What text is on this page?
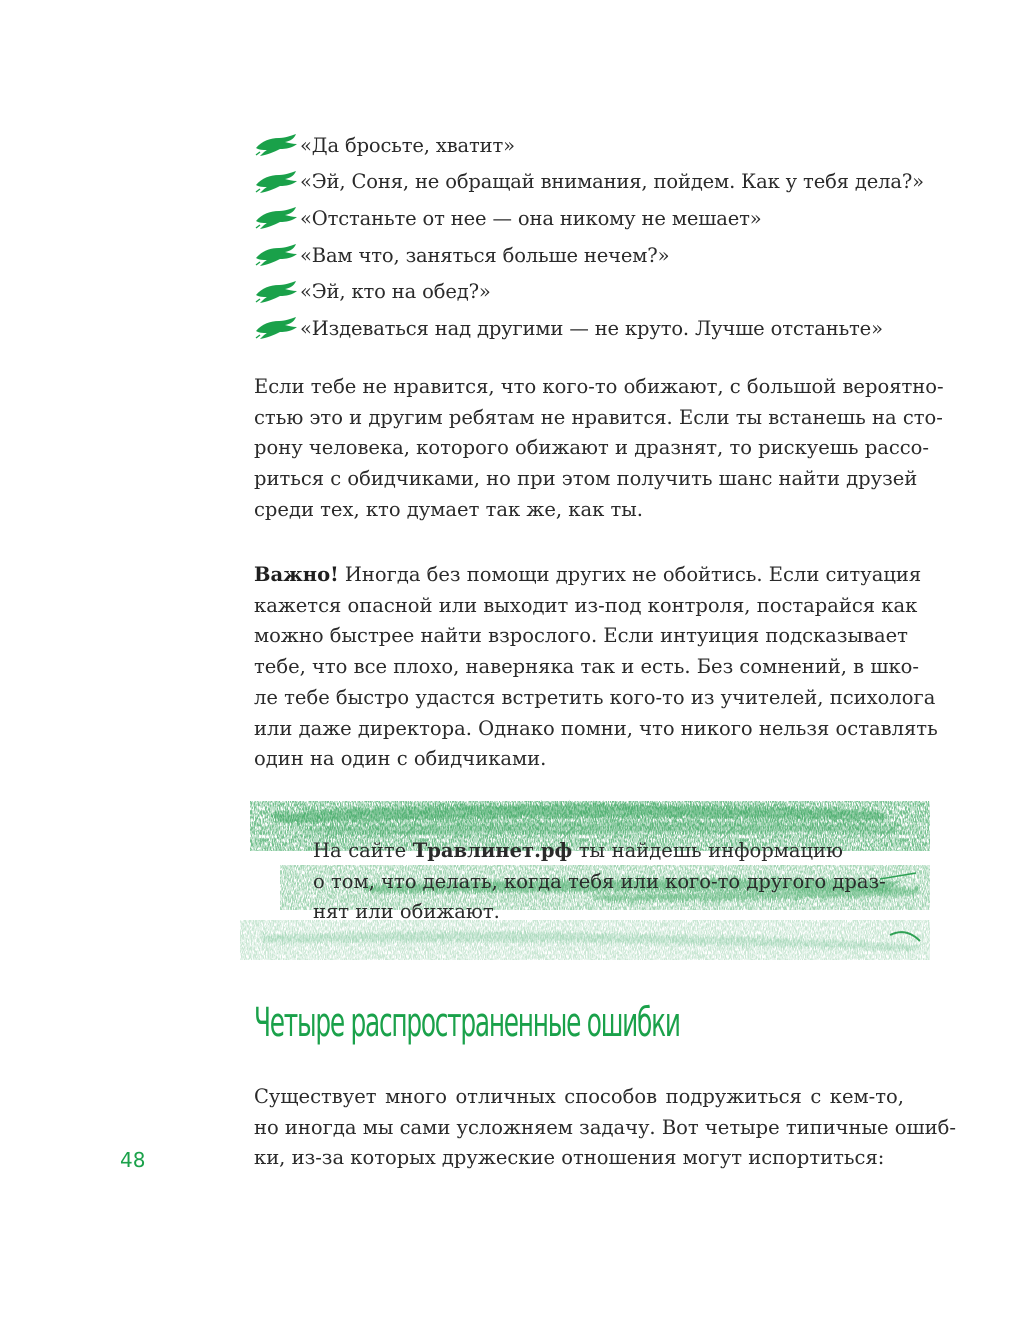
«Да бросьте, хватит»
«Эй, Соня, не обращай внимания, пойдем. Как у тебя дела?»
«Отстаньте от нее — она никому не мешает»
«Вам что, заняться больше нечем?»
«Эй, кто на обед?»
«Издеваться над другими — не круто. Лучше отстаньте»
Если тебе не нравится, что кого-то обижают, с большой вероятно-
стью это и другим ребятам не нравится. Если ты встанешь на сто-
рону человека, которого обижают и дразнят, то рискуешь рассо-
риться с обидчиками, но при этом получить шанс найти друзей
среди тех, кто думает так же, как ты.
Важно! Иногда без помощи других не обойтись. Если ситуация
кажется опасной или выходит из-под контроля, постарайся как
можно быстрее найти взрослого. Если интуиция подсказывает
тебе, что все плохо, наверняка так и есть. Без сомнений, в шко-
ле тебе быстро удастся встретить кого-то из учителей, психолога
или даже директора. Однако помни, что никого нельзя оставлять
один на один с обидчиками.
На сайте Травлинет.рф ты найдешь информацию
о том, что делать, когда тебя или кого-то другого драз-
нят или обижают.
Четыре распространенные ошибки
Существует много отличных способов подружиться с кем-то,
но иногда мы сами усложняем задачу. Вот четыре типичные ошиб-
ки, из-за которых дружеские отношения могут испортиться:
48
